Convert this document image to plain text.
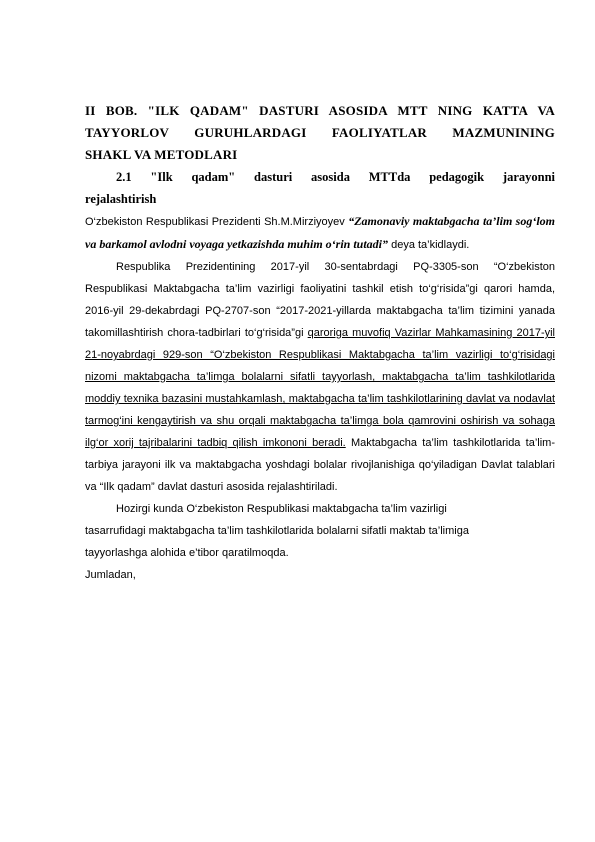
II BOB. "ILK QADAM" DASTURI ASOSIDA MTT NING KATTA VA
TAYYORLOV GURUHLARDAGI FAOLIYATLAR MAZMUNINING
SHAKL VA METODLARI
2.1 "Ilk qadam" dasturi asosida MTTda pedagogik jarayonni
rejalashtirish

O‘zbekiston Respublikasi Prezidenti Sh.M.Mirziyoyev “Zamonaviy maktabgacha ta’lim sog‘lom va barkamol avlodni voyaga yetkazishda muhim o‘rin tutadi” deya ta’kidlaydi.

Respublika Prezidentining 2017-yil 30-sentabrdagi PQ-3305-son “O‘zbekiston Respublikasi Maktabgacha ta’lim vazirligi faoliyatini tashkil etish to‘g‘risida”gi qarori hamda, 2016-yil 29-dekabrdagi PQ-2707-son “2017-2021-yillarda maktabgacha ta’lim tizimini yanada takomillashtirish chora-tadbirlari to‘g‘risida”gi qaroriga muvofiq Vazirlar Mahkamasining 2017-yil 21-noyabrdagi 929-son “O‘zbekiston Respublikasi Maktabgacha ta’lim vazirligi to‘g‘risidagi nizomi maktabgacha ta’limga bolalarni sifatli tayyorlash, maktabgacha ta’lim tashkilotlarida moddiy texnika bazasini mustahkamlash, maktabgacha ta’lim tashkilotlarining davlat va nodavlat tarmog‘ini kengaytirish va shu orqali maktabgacha ta’limga bola qamrovini oshirish va sohaga ilg‘or xorij tajribalarini tadbiq qilish imkononi beradi. Maktabgacha ta’lim tashkilotlarida ta’lim-tarbiya jarayoni ilk va maktabgacha yoshdagi bolalar rivojlanishiga qo‘yiladigan Davlat talablari va “Ilk qadam” davlat dasturi asosida rejalashtiriladi.

Hozirgi kunda O‘zbekiston Respublikasi maktabgacha ta’lim vazirligi
tasarrufidagi maktabgacha ta’lim tashkilotlarida bolalarni sifatli maktab ta’limiga
tayyorlashga alohida e’tibor qaratilmoqda.

Jumladan,
